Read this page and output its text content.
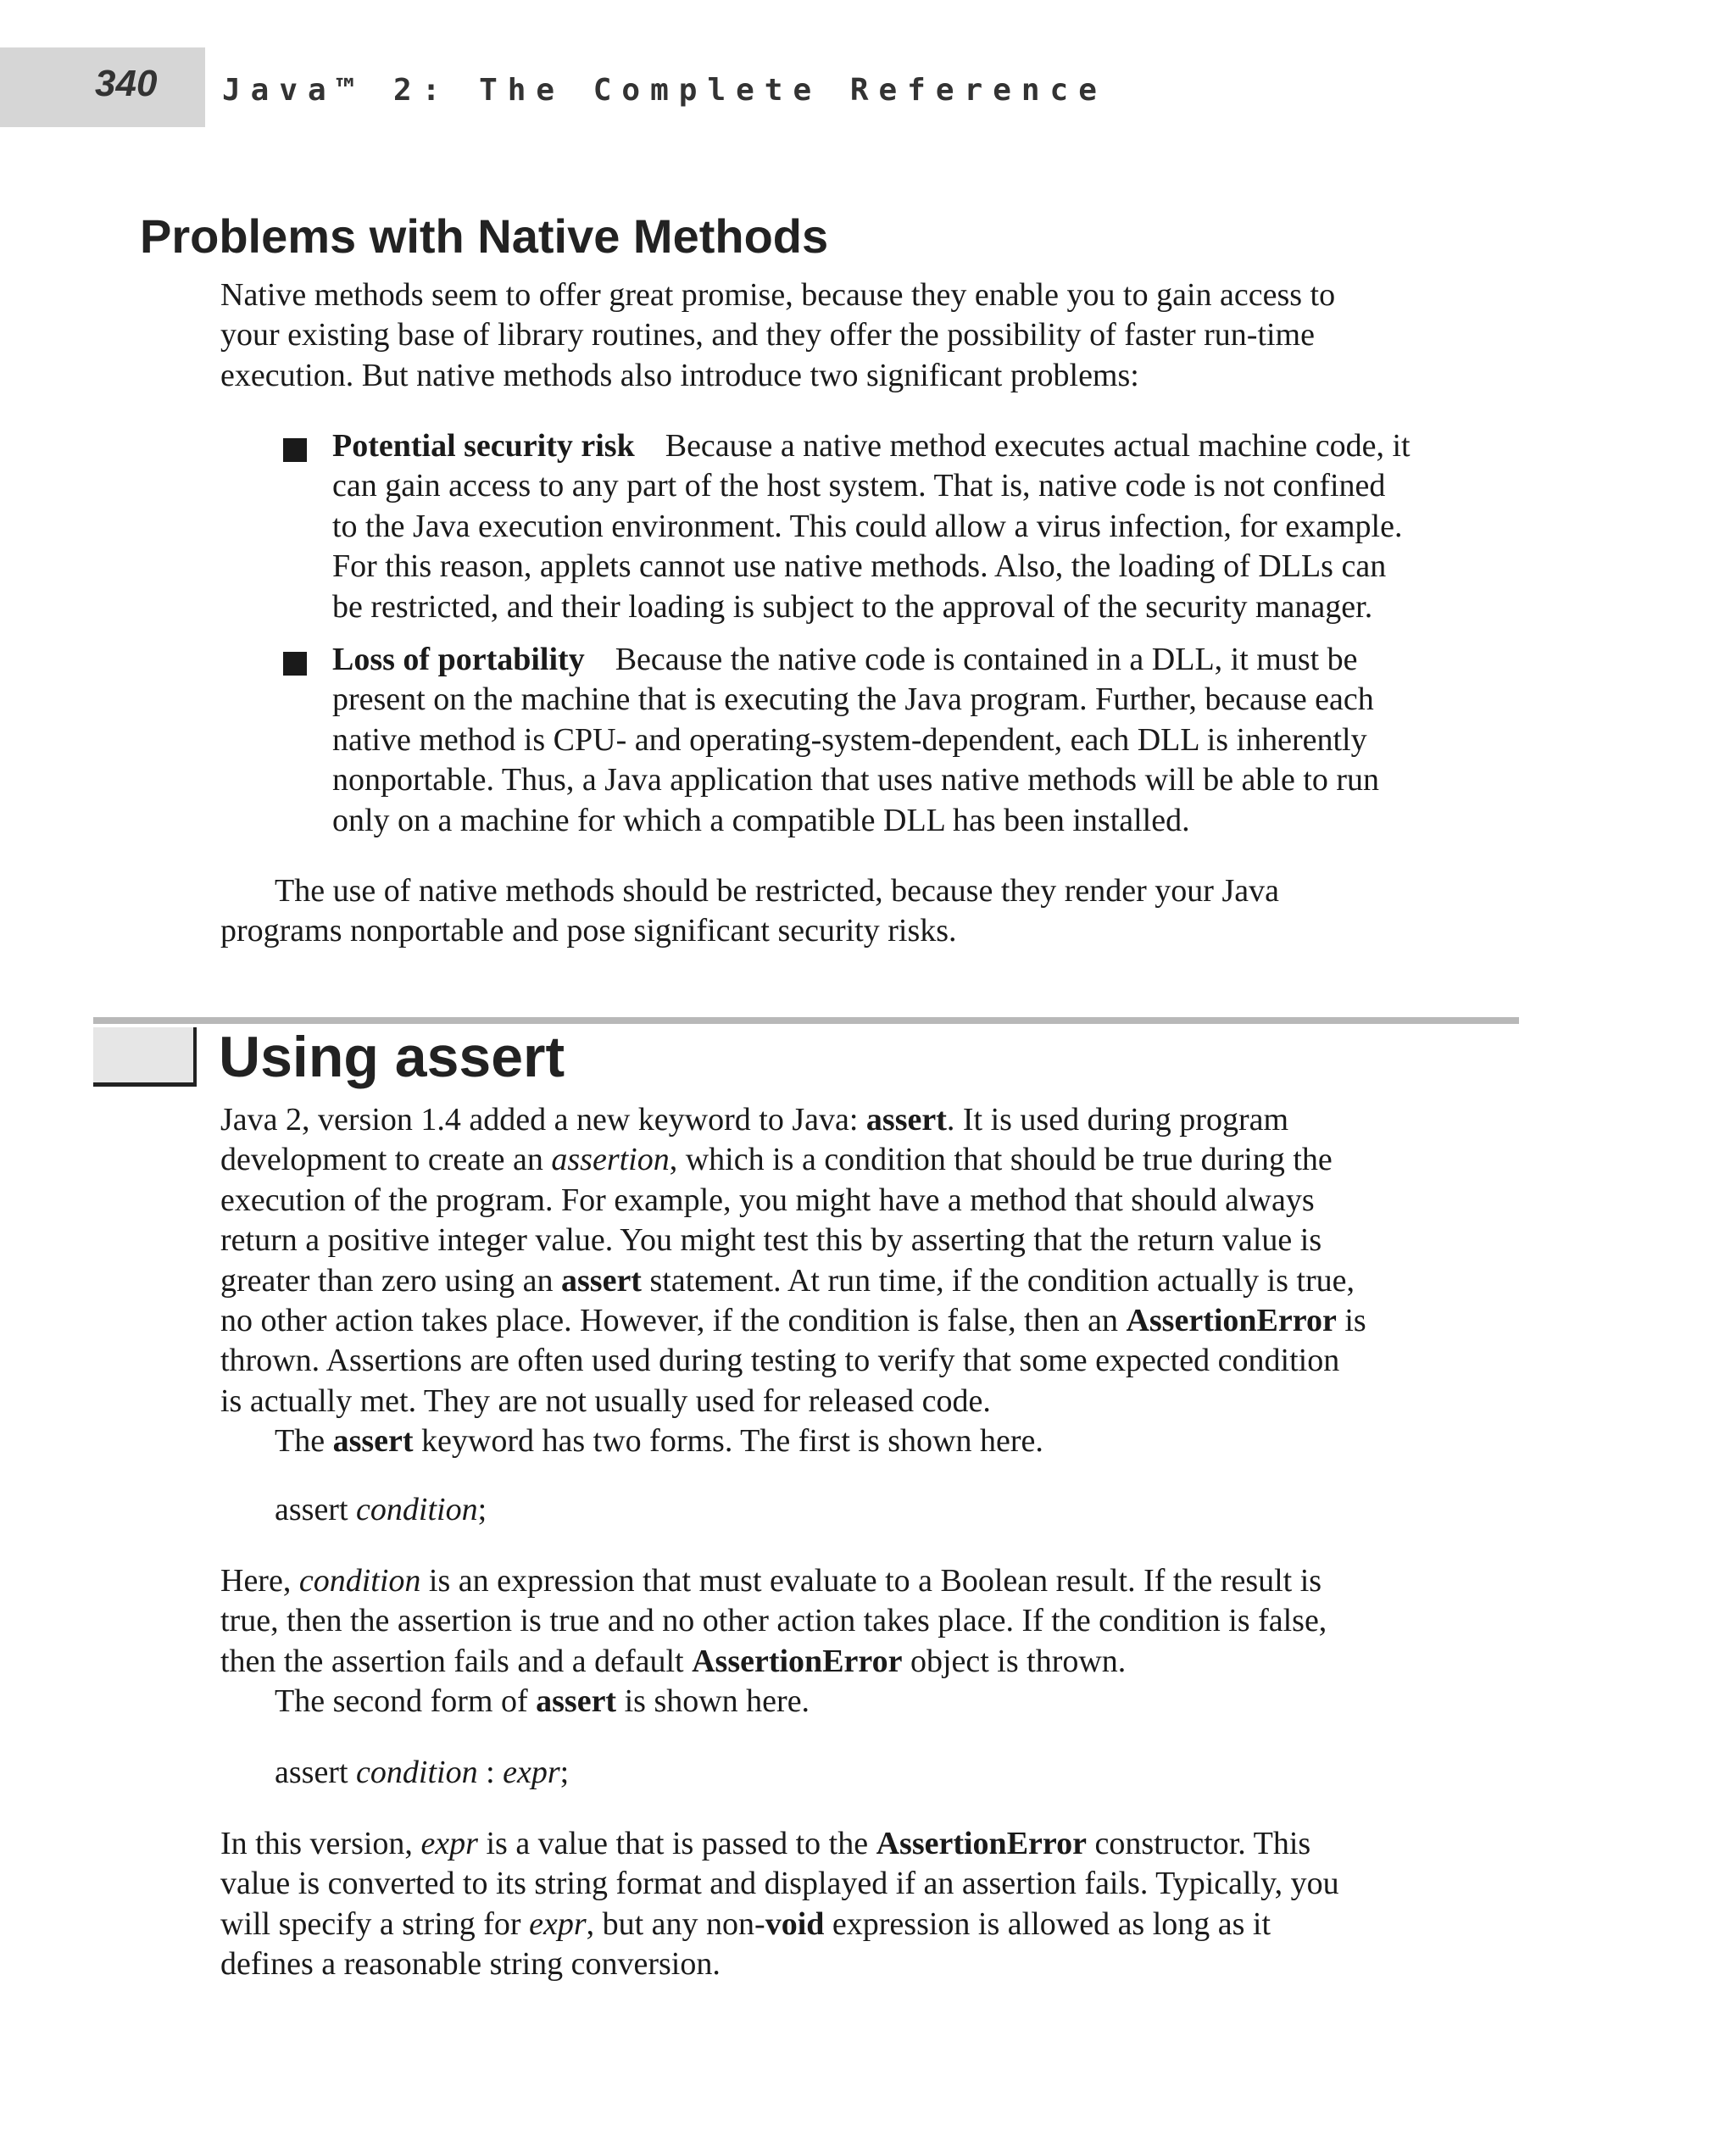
340 Java™ 2: The Complete Reference
Problems with Native Methods
Native methods seem to offer great promise, because they enable you to gain access to
your existing base of library routines, and they offer the possibility of faster run-time
execution. But native methods also introduce two significant problems:
Potential security risk Because a native method executes actual machine code, it
can gain access to any part of the host system. That is, native code is not confined
to the Java execution environment. This could allow a virus infection, for example.
For this reason, applets cannot use native methods. Also, the loading of DLLs can
be restricted, and their loading is subject to the approval of the security manager.
Loss of portability Because the native code is contained in a DLL, it must be
present on the machine that is executing the Java program. Further, because each
native method is CPU- and operating-system-dependent, each DLL is inherently
nonportable. Thus, a Java application that uses native methods will be able to run
only on a machine for which a compatible DLL has been installed.
The use of native methods should be restricted, because they render your Java
programs nonportable and pose significant security risks.
Using assert
Java 2, version 1.4 added a new keyword to Java: assert. It is used during program
development to create an assertion, which is a condition that should be true during the
execution of the program. For example, you might have a method that should always
return a positive integer value. You might test this by asserting that the return value is
greater than zero using an assert statement. At run time, if the condition actually is true,
no other action takes place. However, if the condition is false, then an AssertionError is
thrown. Assertions are often used during testing to verify that some expected condition
is actually met. They are not usually used for released code.
The assert keyword has two forms. The first is shown here.
assert condition;
Here, condition is an expression that must evaluate to a Boolean result. If the result is
true, then the assertion is true and no other action takes place. If the condition is false,
then the assertion fails and a default AssertionError object is thrown.
The second form of assert is shown here.
assert condition : expr;
In this version, expr is a value that is passed to the AssertionError constructor. This
value is converted to its string format and displayed if an assertion fails. Typically, you
will specify a string for expr, but any non-void expression is allowed as long as it
defines a reasonable string conversion.
